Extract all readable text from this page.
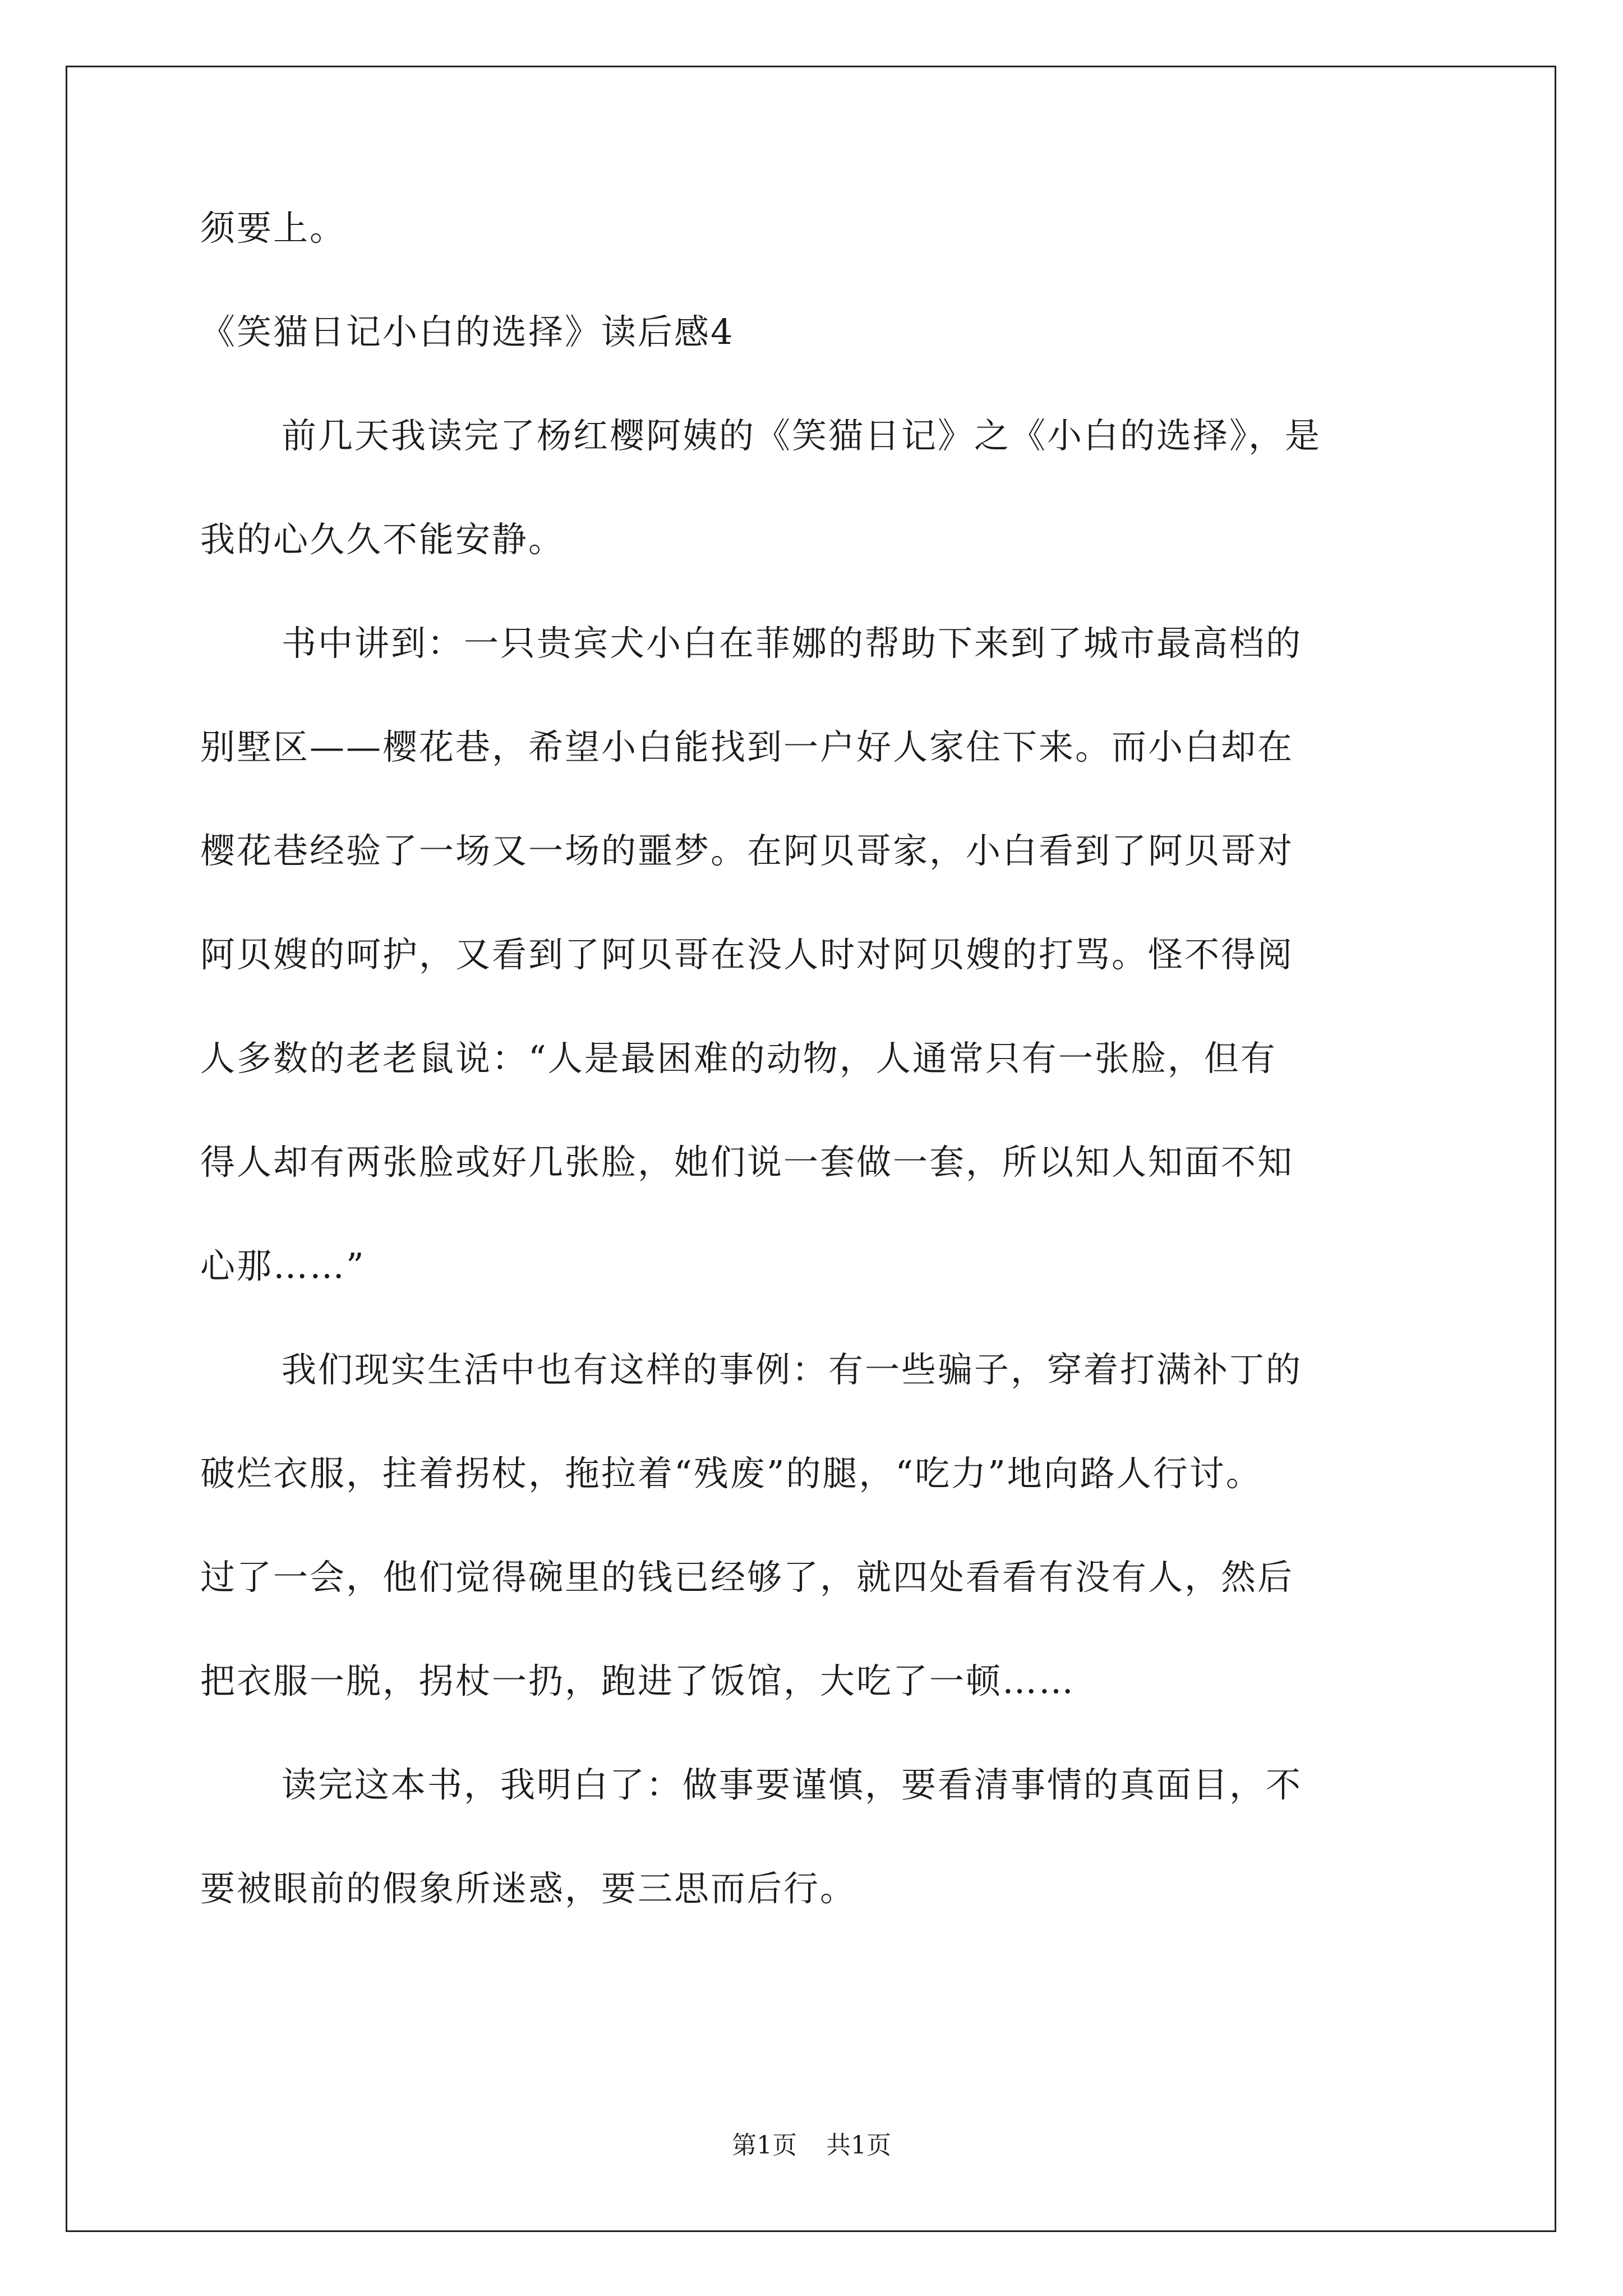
须要上。
《笑猫日记小白的选择》读后感4
前几天我读完了杨红樱阿姨的《笑猫日记》之《小白的选择》，是
我的心久久不能安静。
书中讲到：一只贵宾犬小白在菲娜的帮助下来到了城市最高档的
别墅区——樱花巷，希望小白能找到一户好人家住下来。而小白却在
樱花巷经验了一场又一场的噩梦。在阿贝哥家，小白看到了阿贝哥对
阿贝嫂的呵护，又看到了阿贝哥在没人时对阿贝嫂的打骂。怪不得阅
人多数的老老鼠说：“人是最困难的动物，人通常只有一张脸，但有
得人却有两张脸或好几张脸，她们说一套做一套，所以知人知面不知
心那……”
我们现实生活中也有这样的事例：有一些骗子，穿着打满补丁的
破烂衣服，拄着拐杖，拖拉着“残废”的腿，“吃力”地向路人行讨。
过了一会，他们觉得碗里的钱已经够了，就四处看看有没有人，然后
把衣服一脱，拐杖一扔，跑进了饭馆，大吃了一顿……
读完这本书，我明白了：做事要谨慎，要看清事情的真面目，不
要被眼前的假象所迷惑，要三思而后行。
第1页 共1页
